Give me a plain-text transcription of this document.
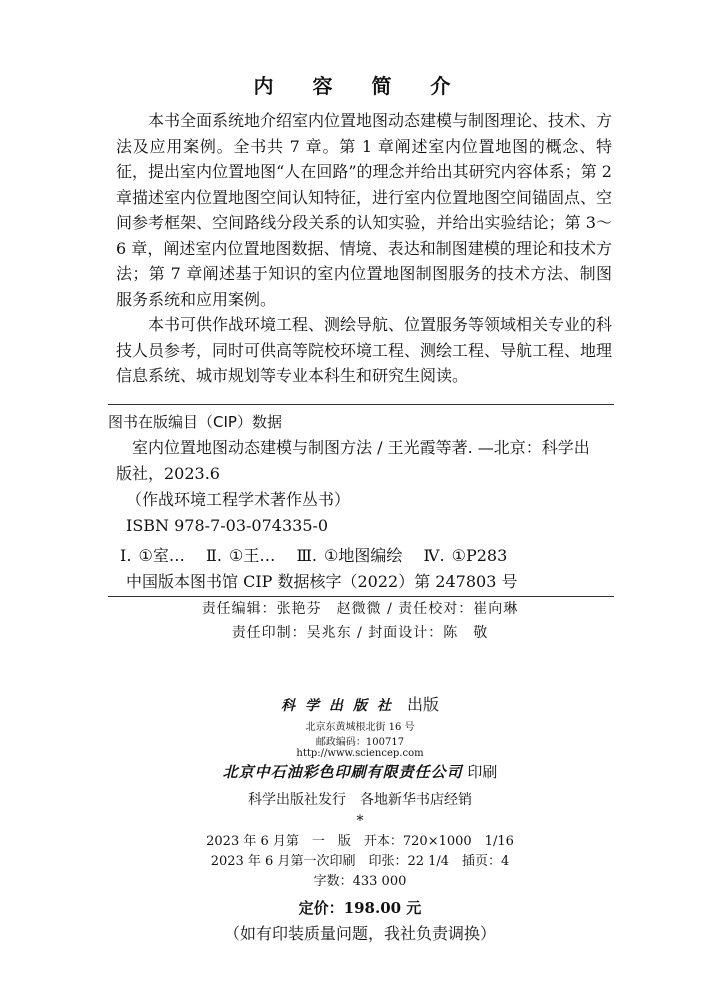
内 容 简 介

本书全面系统地介绍室内位置地图动态建模与制图理论、技术、方法及应用案例。全书共 7 章。第 1 章阐述室内位置地图的概念、特征，提出室内位置地图“人在回路”的理念并给出其研究内容体系；第 2 章描述室内位置地图空间认知特征，进行室内位置地图空间锚固点、空间参考框架、空间路线分段关系的认知实验，并给出实验结论；第 3～6 章，阐述室内位置地图数据、情境、表达和制图建模的理论和技术方法；第 7 章阐述基于知识的室内位置地图制图服务的技术方法、制图服务系统和应用案例。

本书可供作战环境工程、测绘导航、位置服务等领域相关专业的科技人员参考，同时可供高等院校环境工程、测绘工程、导航工程、地理信息系统、城市规划等专业本科生和研究生阅读。

图书在版编目（CIP）数据
室内位置地图动态建模与制图方法 / 王光霞等著. —北京：科学出
版社，2023.6
（作战环境工程学术著作丛书）
ISBN 978-7-03-074335-0
Ⅰ. ①室… Ⅱ. ①王… Ⅲ. ①地图编绘 Ⅳ. ①P283
中国版本图书馆 CIP 数据核字（2022）第 247803 号
责任编辑：张艳芬　赵微微 / 责任校对：崔向琳
责任印制：吴兆东 / 封面设计：陈　敬
科学出版社 出版
北京东黄城根北街 16 号
邮政编码：100717
http://www.sciencep.com
北京中石油彩色印刷有限责任公司 印刷
科学出版社发行　各地新华书店经销
*
2023 年 6 月第　一　版　开本：720×1000　1/16
2023 年 6 月第一次印刷　印张：22 1/4　插页：4
字数：433 000
定价：198.00 元
（如有印装质量问题，我社负责调换）
